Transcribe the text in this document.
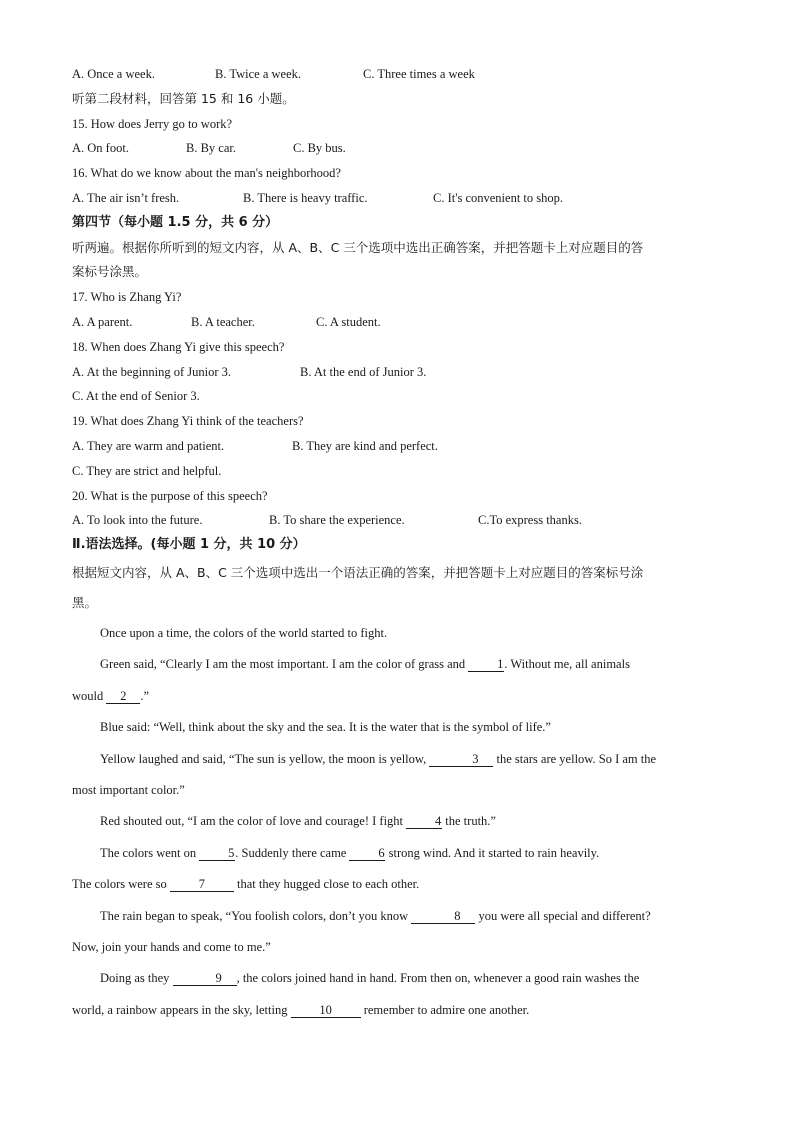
A. Once a week.	B. Twice a week.	C. Three times a week
听第二段材料，回答第 15 和 16 小题。
15. How does Jerry go to work?
A. On foot.	B. By car.	C. By bus.
16. What do we know about the man's neighborhood?
A. The air isn’t fresh.	B. There is heavy traffic.	C. It's convenient to shop.
第四节（每小题 1.5 分，共 6 分）
听两遍。根据你所听到的短文内容，从 A、B、C 三个选项中选出正确答案，并把答题卡上对应题目的答
案标号涂黑。
17. Who is Zhang Yi?
A. A parent.	B. A teacher.	C. A student.
18. When does Zhang Yi give this speech?
A. At the beginning of Junior 3.	B. At the end of Junior 3.
C. At the end of Senior 3.
19. What does Zhang Yi think of the teachers?
A. They are warm and patient.	B. They are kind and perfect.
C. They are strict and helpful.
20. What is the purpose of this speech?
A. To look into the future.	B. To share the experience.	C.To express thanks.
Ⅱ.语法选择。(每小题 1 分，共 10 分）

根据短文内容，从 A、B、C 三个选项中选出一个语法正确的答案，并把答题卡上对应题目的答案标号涂

黑。

Once upon a time, the colors of the world started to fight.

Green said, “Clearly I am the most important. I am the color of grass and 1. Without me, all animals

would 2 .”

Blue said: “Well, think about the sky and the sea. It is the water that is the symbol of life.”

Yellow laughed and said, “The sun is yellow, the moon is yellow,	3 the stars are yellow. So I am the

most important color.”

Red shouted out, “I am the color of love and courage! I fight 4 the truth.”

The colors went on 5. Suddenly there came 6 strong wind. And it started to rain heavily.

The colors were so 7 that they hugged close to each other.

The rain began to speak, “You foolish colors, don’t you know	8 you were all special and different?

Now, join your hands and come to me.”

Doing as they	9 , the colors joined hand in hand. From then on, whenever a good rain washes the

world, a rainbow appears in the sky, letting 10 remember to admire one another.
